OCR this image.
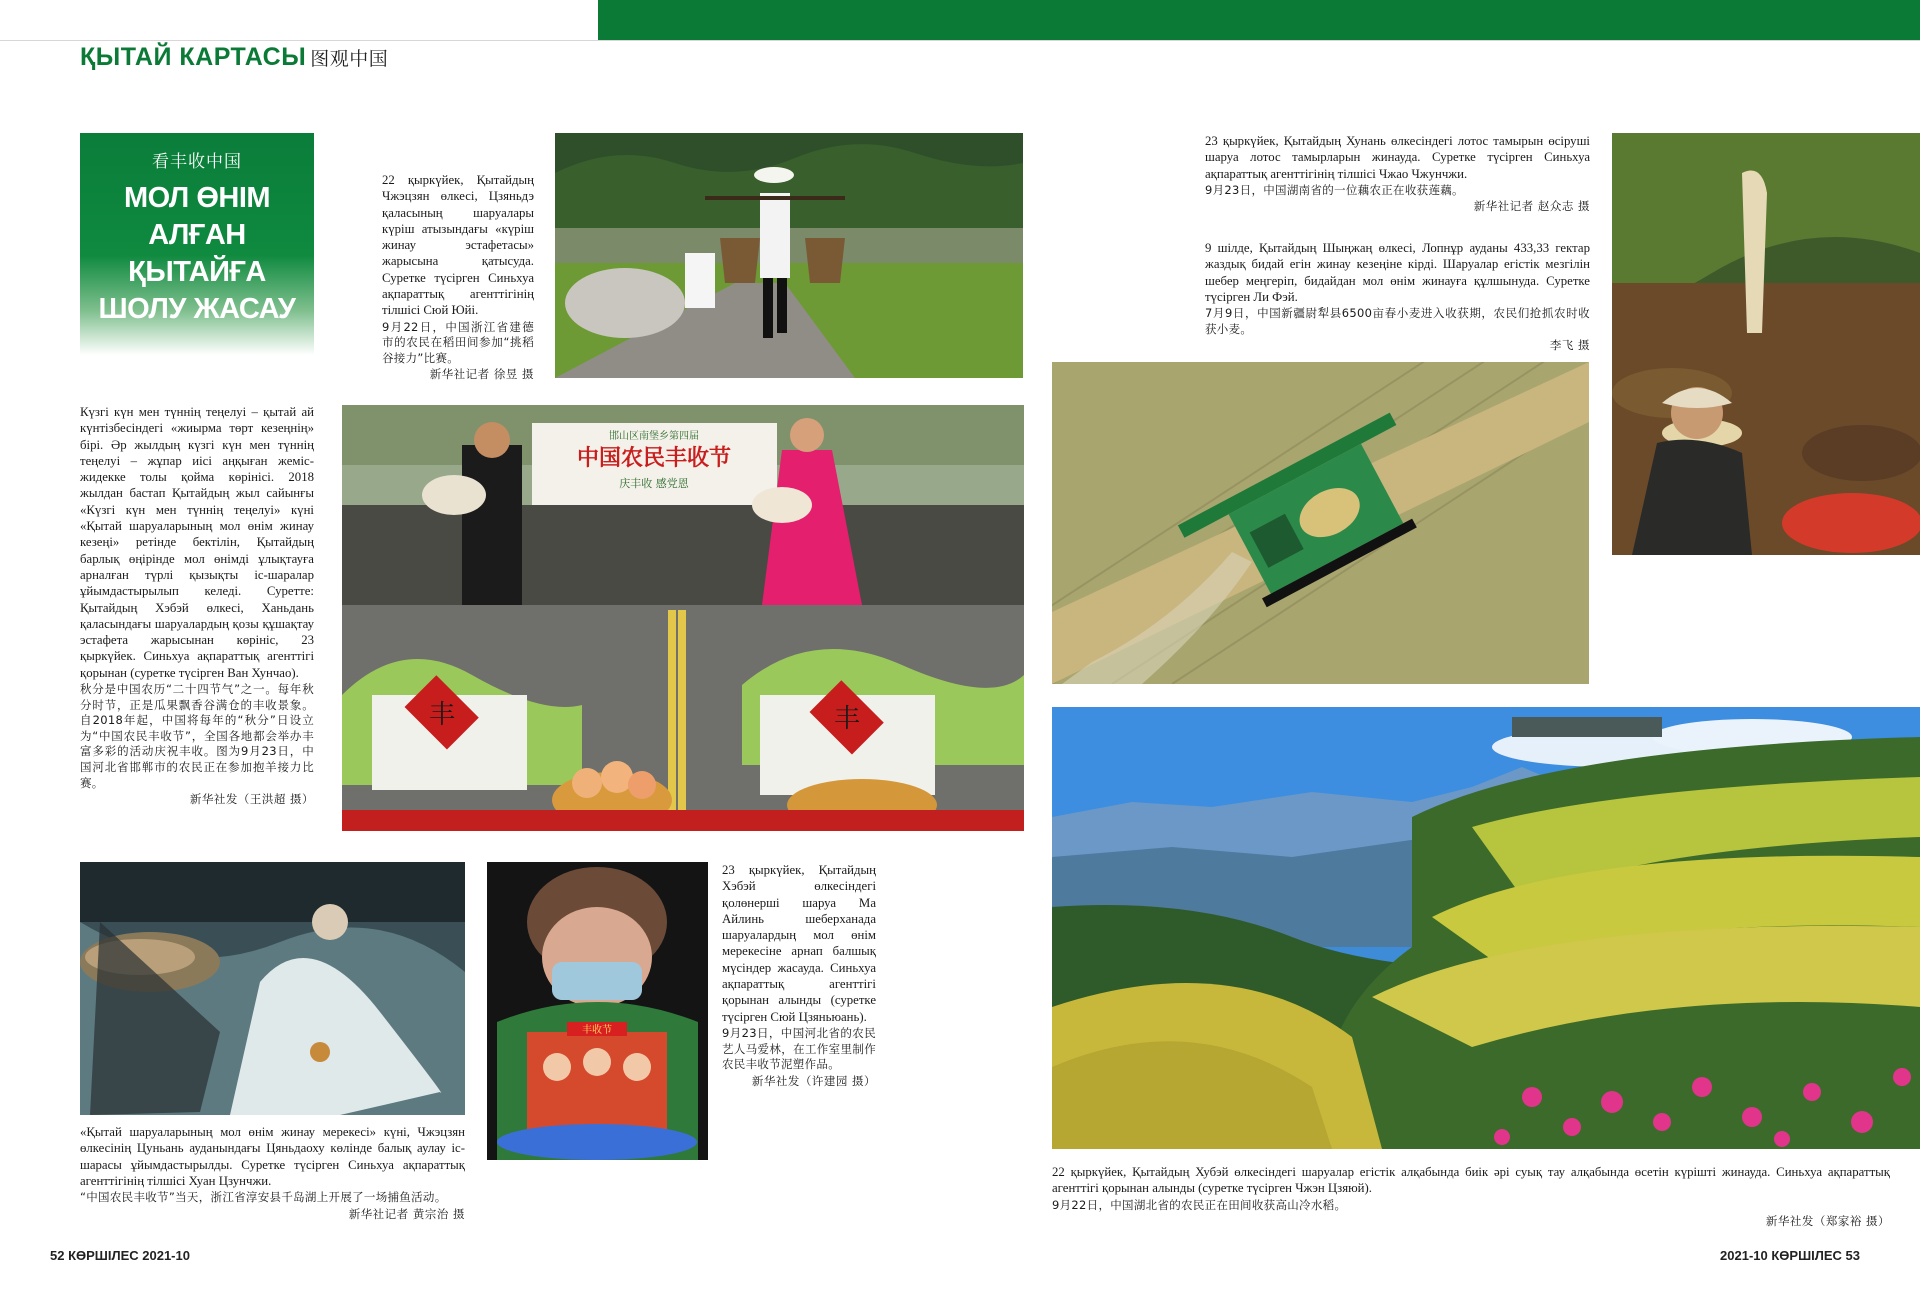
ҚЫТАЙ КАРТАСЫ 图观中国
看丰收中国
МОЛ ӨНІМ
АЛҒАН
ҚЫТАЙҒА
ШОЛУ ЖАСАУ
22 қыркүйек, Қытайдың Чжэцзян өлкесі, Цзяньдэ қаласының шаруалары күріш атызындағы «күріш жинау эстафетасы» жарысына қатысуда. Суретке түсірген Синьхуа ақпараттық агенттігінің тілшісі Сюй Юйі.
9月22日，中国浙江省建德市的农民在稻田间参加“挑稻谷接力”比赛。
新华社记者 徐昱 摄
Күзгі күн мен түннің теңелуі – қытай ай күнтізбесіндегі «жиырма төрт кезеңнің» бірі. Әр жылдың күзгі күн мен түннің теңелуі – жұпар иісі аңқыған жеміс-жидекке толы қойма көрінісі. 2018 жылдан бастап Қытайдың жыл сайынғы «Күзгі күн мен түннің теңелуі» күні «Қытай шаруаларының мол өнім жинау кезеңі» ретінде бектілін, Қытайдың барлық өңірінде мол өнімді ұлықтауға арналған түрлі қызықты іс-шаралар ұйымдастырылып келеді. Суретте: Қытайдың Хэбэй өлкесі, Ханьдань қаласындағы шаруалардың қозы құшақтау эстафета жарысынан көрініс, 23 қыркүйек. Синьхуа ақпараттық агенттігі қорынан (суретке түсірген Ван Хунчао).
秋分是中国农历“二十四节气”之一。每年秋分时节，正是瓜果飘香谷满仓的丰收景象。自2018年起，中国将每年的“秋分”日设立为“中国农民丰收节”，全国各地都会举办丰富多彩的活动庆祝丰收。图为9月23日，中国河北省邯郸市的农民正在参加抱羊接力比赛。
新华社发（王洪超 摄）
邯山区南堡乡第四届
中国农民丰收节
庆丰收 感党恩
丰	丰
«Қытай шаруаларының мол өнім жинау мерекесі» күні, Чжэцзян өлкесінің Цуньань ауданындағы Цяньдаоху көлінде балық аулау іс-шарасы ұйымдастырылды. Суретке түсірген Синьхуа ақпараттық агенттігінің тілшісі Хуан Цзунчжи.
“中国农民丰收节”当天，浙江省淳安县千岛湖上开展了一场捕鱼活动。
新华社记者 黄宗治 摄
丰收节
23 қыркүйек, Қытайдың Хэбэй өлкесіндегі қолөнерші шаруа Ма Айлинь шеберханада шаруалардың мол өнім мерекесіне арнап балшық мүсіндер жасауда. Синьхуа ақпараттық агенттігі қорынан алынды (суретке түсірген Сюй Цзяньюань).
9月23日，中国河北省的农民艺人马爱林，在工作室里制作农民丰收节泥塑作品。
新华社发（许建园 摄）
23 қыркүйек, Қытайдың Хунань өлкесіндегі лотос тамырын өсіруші шаруа лотос тамырларын жинауда. Суретке түсірген Синьхуа ақпараттық агенттігінің тілшісі Чжао Чжунчжи.
9月23日，中国湖南省的一位藕农正在收获莲藕。
新华社记者 赵众志 摄
9 шілде, Қытайдың Шыңжаң өлкесі, Лопнұр ауданы 433,33 гектар жаздық бидай егін жинау кезеңіне кірді. Шаруалар егістік мезгілін шебер меңгеріп, бидайдан мол өнім жинауға құлшынуда. Суретке түсірген Ли Фэй.
7月9日，中国新疆尉犁县6500亩春小麦进入收获期，农民们抢抓农时收获小麦。
李飞 摄
22 қыркүйек, Қытайдың Хубэй өлкесіндегі шаруалар егістік алқабында биік әрі суық тау алқабында өсетін күрішті жинауда. Синьхуа ақпараттық агенттігі қорынан алынды (суретке түсірген Чжэн Цзяюй).
9月22日，中国湖北省的农民正在田间收获高山冷水稻。
新华社发（郑家裕 摄）
52 КӨРШІЛЕС 2021-10	2021-10 КӨРШІЛЕС 53
